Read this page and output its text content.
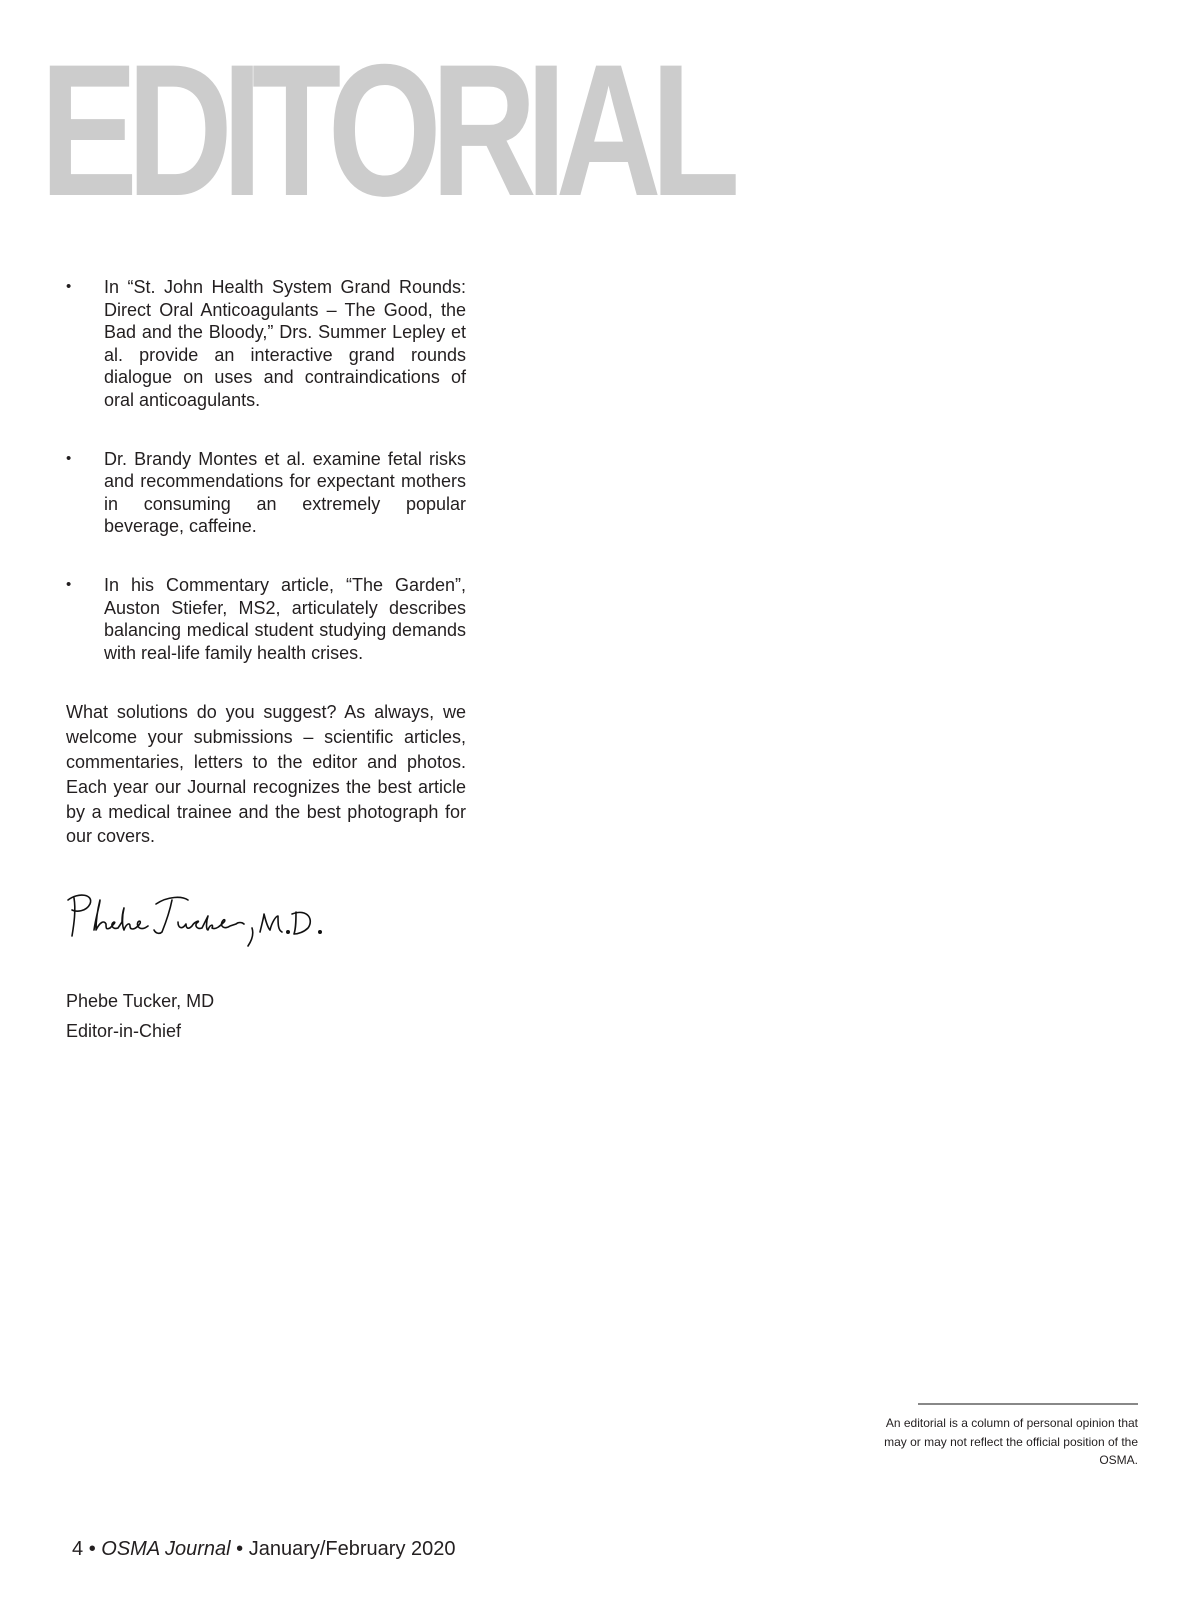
EDITORIAL
• In “St. John Health System Grand Rounds: Direct Oral Anticoagulants – The Good, the Bad and the Bloody,” Drs. Summer Lepley et al. provide an interactive grand rounds dialogue on uses and contraindications of oral anticoagulants.
• Dr. Brandy Montes et al. examine fetal risks and recommendations for expectant mothers in consuming an extremely popular beverage, caffeine.
• In his Commentary article, “The Garden”, Auston Stiefer, MS2, articulately describes balancing medical student studying demands with real-life family health crises.

What solutions do you suggest? As always, we welcome your submissions – scientific articles, commentaries, letters to the editor and photos. Each year our Journal recognizes the best article by a medical trainee and the best photograph for our covers.

Phebe Tucker, MD
Editor-in-Chief
An editorial is a column of personal opinion that may or may not reflect the official position of the OSMA.
4 • OSMA Journal • January/February 2020
